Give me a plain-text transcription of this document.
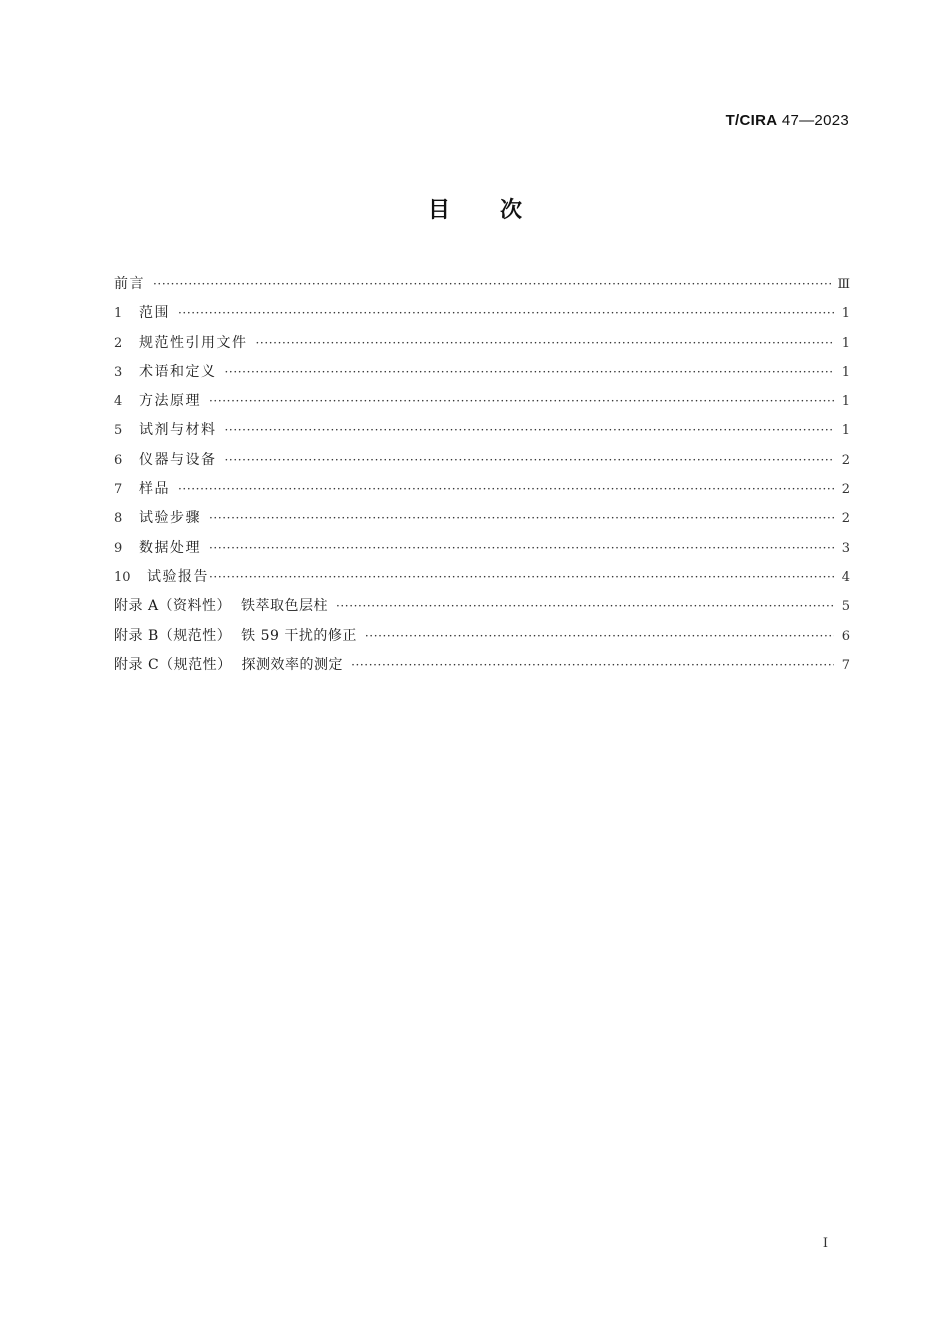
T/CIRA 47—2023
目次
前言 ·····	Ⅲ
1	范围 ·····	1
2	规范性引用文件 ·····	1
3	术语和定义 ·····	1
4	方法原理 ·····	1
5	试剂与材料 ·····	1
6	仪器与设备 ·····	2
7	样品 ·····	2
8	试验步骤 ·····	2
9	数据处理 ·····	3
10	试验报告 ·····	4
附录 A（资料性）  铁萃取色层柱 ·····	5
附录 B（规范性）  铁 59 干扰的修正 ·····	6
附录 C（规范性）  探测效率的测定 ·····	7
I
